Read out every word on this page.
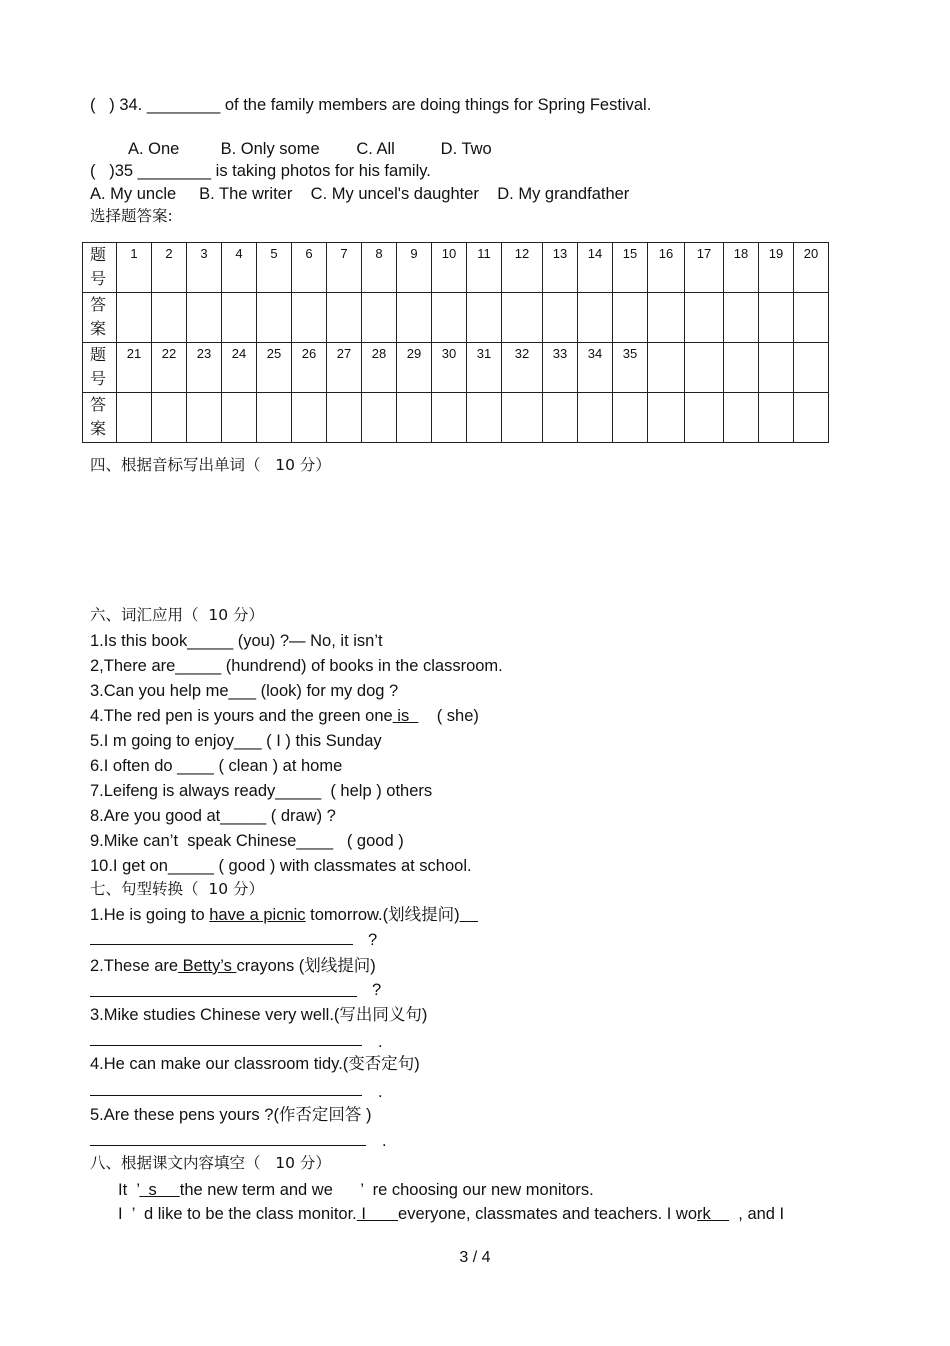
(   ) 34. ________ of the family members are doing things for Spring Festival.
A. One         B. Only some        C. All          D. Two
(   )35 ________ is taking photos for his family.
A. My uncle     B. The writer    C. My uncel's daughter    D. My grandfather
选择题答案:
题号	1	2	3	4	5	6	7	8	9	10	11	12	13	14	15	16	17	18	19	20
答案																				
题号	21	22	23	24	25	26	27	28	29	30	31	32	33	34	35					
答案																				
四、根据音标写出单词（   10 分）
六、词汇应用（  10 分）
1.Is this book_____ (you) ?— No, it isn’t
2,There are_____ (hundrend) of books in the classroom.
3.Can you help me___ (look) for my dog ?
4.The red pen is yours and the green one is      ( she)
5.I m going to enjoy___ ( I ) this Sunday
6.I often do ____ ( clean ) at home
7.Leifeng is always ready_____  ( help ) others
8.Are you good at_____ ( draw) ?
9.Mike can’t  speak Chinese____   ( good )
10.I get on_____ ( good ) with classmates at school.
七、句型转换（  10 分）
1.He is going to have a picnic tomorrow.(划线提问)
?
2.These are Betty’s crayons (划线提问)
?
3.Mike studies Chinese very well.(写出同义句)
.
4.He can make our classroom tidy.(变否定句)
.
5.Are these pens yours ?(作否定回答 )
.
八、根据课文内容填空（   10 分）
It  ’  s     the new term and we      ’  re choosing our new monitors.
I  ’  d like to be the class monitor. I       everyone, classmates and teachers. I work      , and I
3 / 4
